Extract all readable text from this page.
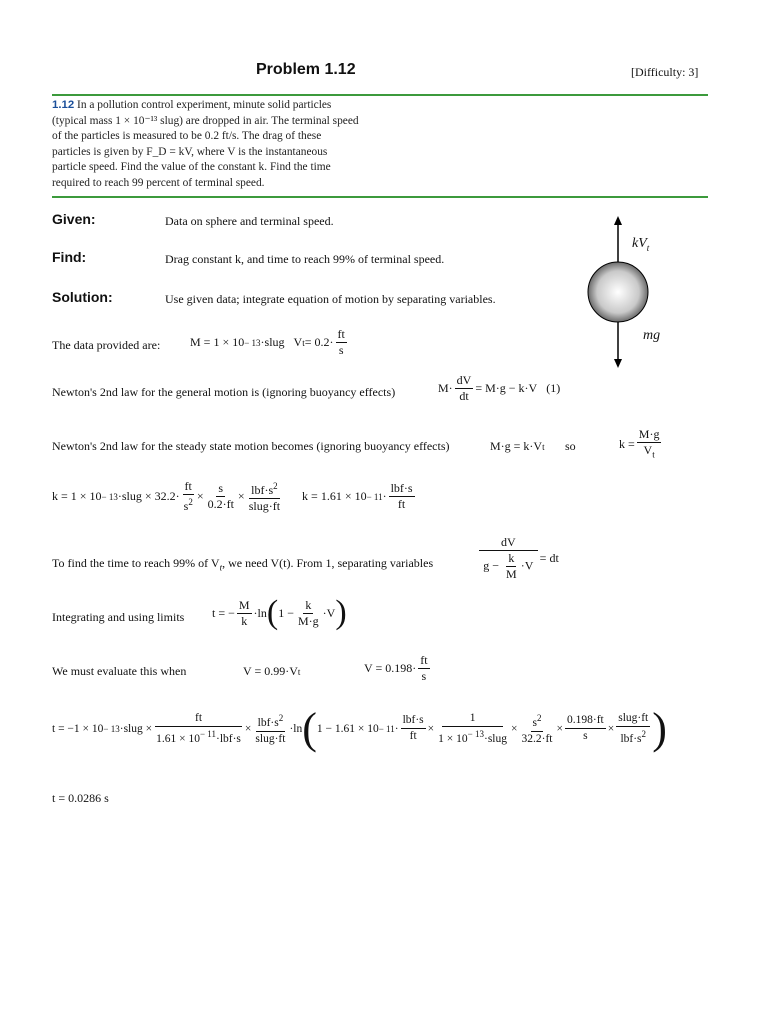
Problem 1.12	[Difficulty: 3]
1.12 In a pollution control experiment, minute solid particles (typical mass 1 × 10⁻¹³ slug) are dropped in air. The terminal speed of the particles is measured to be 0.2 ft/s. The drag of these particles is given by F_D = kV, where V is the instantaneous particle speed. Find the value of the constant k. Find the time required to reach 99 percent of terminal speed.
Given:	Data on sphere and terminal speed.
Find:	Drag constant k, and time to reach 99% of terminal speed.
Solution:	Use given data; integrate equation of motion by separating variables.
$kV_t$
mg
The data provided are: M = 1 × 10 − 13 ·slug   V $t = 0.2\cdot \frac{ft}{s}$
Newton's 2nd law for the general motion is (ignoring buoyancy effects)	$M\cdot \frac{dV}{dt} = M\cdot g - k\cdot V$ (1)
Newton's 2nd law for the steady state motion becomes (ignoring buoyancy effects)	M·g = k·V t so	$k = \frac{M\cdot g}{V_t}$
k = 1 × 10 − 13 ·slug × $32.2\cdot \frac{ft}{s^2} \times \frac{s}{0.2\cdot ft} \times \frac{lbf\cdot s^2}{\text{slug·ft}}$ $k = 1.61 \times 10 - 11 \cdot \frac{\text{lbf·s}}{ft}$
To find the time to reach 99% of $V_t$, we need V(t). From 1, separating variables	$\frac{dV}{g - \frac{k}{M} \cdot V}$ = dt
Integrating and using limits t = − $\frac{M}{k} \cdot\ln$ ( $1 - \frac{k}{M\cdot g} \cdot V$ )
We must evaluate this when	V = 0.99·V t	$V = 0.198\cdot \frac{ft}{s}$
t = −1 × 10 − 13 ·slug × $\frac{ft}{1.61 \times 10^{- 11}\cdot lbf\cdot s} \times \frac{lbf\cdot s^2}{\text{slug·ft}} \cdot\ln$ ( $1 - 1.61 \times 10 - 11 \cdot \frac{\text{lbf·s}}{ft} \times \frac{1}{1 \times 10^{- 13}\cdot slug} \times \frac{s^2}{32.2\cdot ft} \times \frac{0.198\cdot ft}{s} \times \frac{\text{slug·ft}}{lbf\cdot s^2}$ )
t = 0.0286 s
